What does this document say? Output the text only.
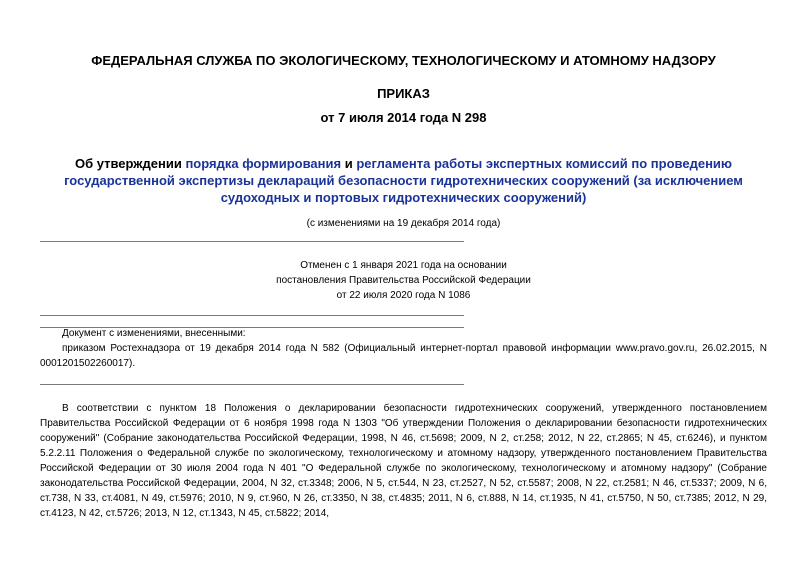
ФЕДЕРАЛЬНАЯ СЛУЖБА ПО ЭКОЛОГИЧЕСКОМУ, ТЕХНОЛОГИЧЕСКОМУ И АТОМНОМУ НАДЗОРУ

ПРИКАЗ

от 7 июля 2014 года N 298

Об утверждении порядка формирования и регламента работы экспертных комиссий по проведению государственной экспертизы деклараций безопасности гидротехнических сооружений (за исключением судоходных и портовых гидротехнических сооружений)

(с изменениями на 19 декабря 2014 года)

Отменен с 1 января 2021 года на основании
постановления Правительства Российской Федерации
от 22 июля 2020 года N 1086

Документ с изменениями, внесенными:

приказом Ростехнадзора от 19 декабря 2014 года N 582 (Официальный интернет-портал правовой информации www.pravo.gov.ru, 26.02.2015, N 0001201502260017).

В соответствии с пунктом 18 Положения о декларировании безопасности гидротехнических сооружений, утвержденного постановлением Правительства Российской Федерации от 6 ноября 1998 года N 1303 "Об утверждении Положения о декларировании безопасности гидротехнических сооружений" (Собрание законодательства Российской Федерации, 1998, N 46, ст.5698; 2009, N 2, ст.258; 2012, N 22, ст.2865; N 45, ст.6246), и пунктом 5.2.2.11 Положения о Федеральной службе по экологическому, технологическому и атомному надзору, утвержденного постановлением Правительства Российской Федерации от 30 июля 2004 года N 401 "О Федеральной службе по экологическому, технологическому и атомному надзору" (Собрание законодательства Российской Федерации, 2004, N 32, ст.3348; 2006, N 5, ст.544, N 23, ст.2527, N 52, ст.5587; 2008, N 22, ст.2581; N 46, ст.5337; 2009, N 6, ст.738, N 33, ст.4081, N 49, ст.5976; 2010, N 9, ст.960, N 26, ст.3350, N 38, ст.4835; 2011, N 6, ст.888, N 14, ст.1935, N 41, ст.5750, N 50, ст.7385; 2012, N 29, ст.4123, N 42, ст.5726; 2013, N 12, ст.1343, N 45, ст.5822; 2014,
